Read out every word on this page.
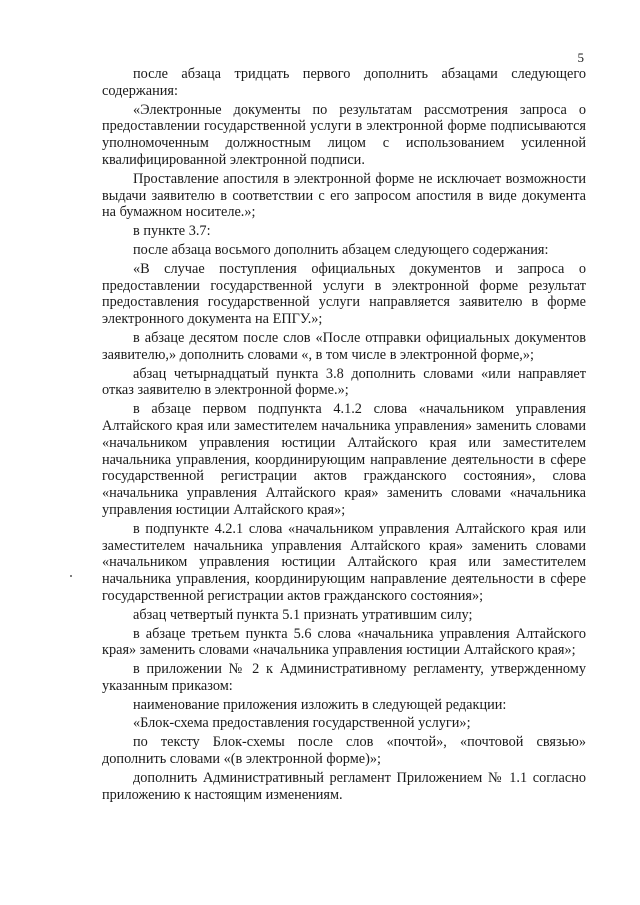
5

после абзаца тридцать первого дополнить абзацами следующего содержания:

«Электронные документы по результатам рассмотрения запроса о предоставлении государственной услуги в электронной форме подписываются уполномоченным должностным лицом с использованием усиленной квалифицированной электронной подписи.

Проставление апостиля в электронной форме не исключает возможности выдачи заявителю в соответствии с его запросом апостиля в виде документа на бумажном носителе.»;

в пункте 3.7:

после абзаца восьмого дополнить абзацем следующего содержания:

«В случае поступления официальных документов и запроса о предоставлении государственной услуги в электронной форме результат предоставления государственной услуги направляется заявителю в форме электронного документа на ЕПГУ.»;

в абзаце десятом после слов «После отправки официальных документов заявителю,» дополнить словами «, в том числе в электронной форме,»;

абзац четырнадцатый пункта 3.8 дополнить словами «или направляет отказ заявителю в электронной форме.»;

в абзаце первом подпункта 4.1.2 слова «начальником управления Алтайского края или заместителем начальника управления» заменить словами «начальником управления юстиции Алтайского края или заместителем начальника управления, координирующим направление деятельности в сфере государственной регистрации актов гражданского состояния», слова «начальника управления Алтайского края» заменить словами «начальника управления юстиции Алтайского края»;

в подпункте 4.2.1 слова «начальником управления Алтайского края или заместителем начальника управления Алтайского края» заменить словами «начальником управления юстиции Алтайского края или заместителем начальника управления, координирующим направление деятельности в сфере государственной регистрации актов гражданского состояния»;

абзац четвертый пункта 5.1 признать утратившим силу;

в абзаце третьем пункта 5.6 слова «начальника управления Алтайского края» заменить словами «начальника управления юстиции Алтайского края»;

в приложении № 2 к Административному регламенту, утвержденному указанным приказом:

наименование приложения изложить в следующей редакции:

«Блок-схема предоставления государственной услуги»;

по тексту Блок-схемы после слов «почтой», «почтовой связью» дополнить словами «(в электронной форме)»;

дополнить Административный регламент Приложением № 1.1 согласно приложению к настоящим изменениям.
